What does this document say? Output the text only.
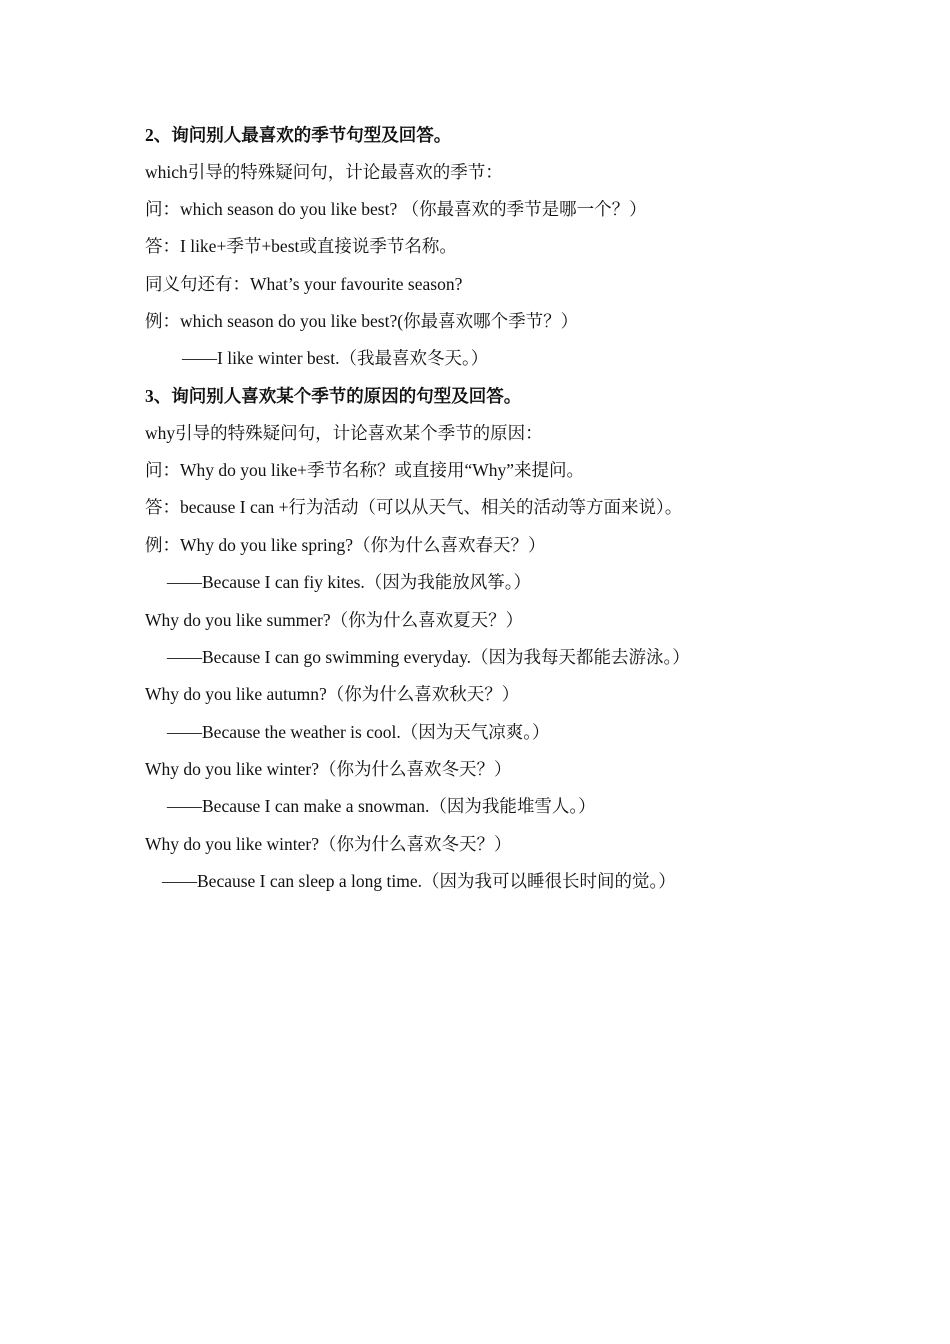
2、询问别人最喜欢的季节句型及回答。
which引导的特殊疑问句，计论最喜欢的季节：
问：which season do you like best? （你最喜欢的季节是哪一个？）
答：I like+季节+best或直接说季节名称。
同义句还有：What’s your favourite season?
例：which season do you like best?(你最喜欢哪个季节？）
——I like winter best.（我最喜欢冬天。）
3、询问别人喜欢某个季节的原因的句型及回答。
why引导的特殊疑问句，计论喜欢某个季节的原因：
问：Why do you like+季节名称？或直接用“Why”来提问。
答：because I can +行为活动（可以从天气、相关的活动等方面来说）。
例：Why do you like spring?（你为什么喜欢春天？）
——Because I can fiy kites.（因为我能放风筝。）
Why do you like summer?（你为什么喜欢夏天？）
——Because I can go swimming everyday.（因为我每天都能去游泳。）
Why do you like autumn?（你为什么喜欢秋天？）
——Because the weather is cool.（因为天气凉爽。）
Why do you like winter?（你为什么喜欢冬天？）
——Because I can make a snowman.（因为我能堆雪人。）
Why do you like winter?（你为什么喜欢冬天？）
——Because I can sleep a long time.（因为我可以睡很长时间的觉。）
